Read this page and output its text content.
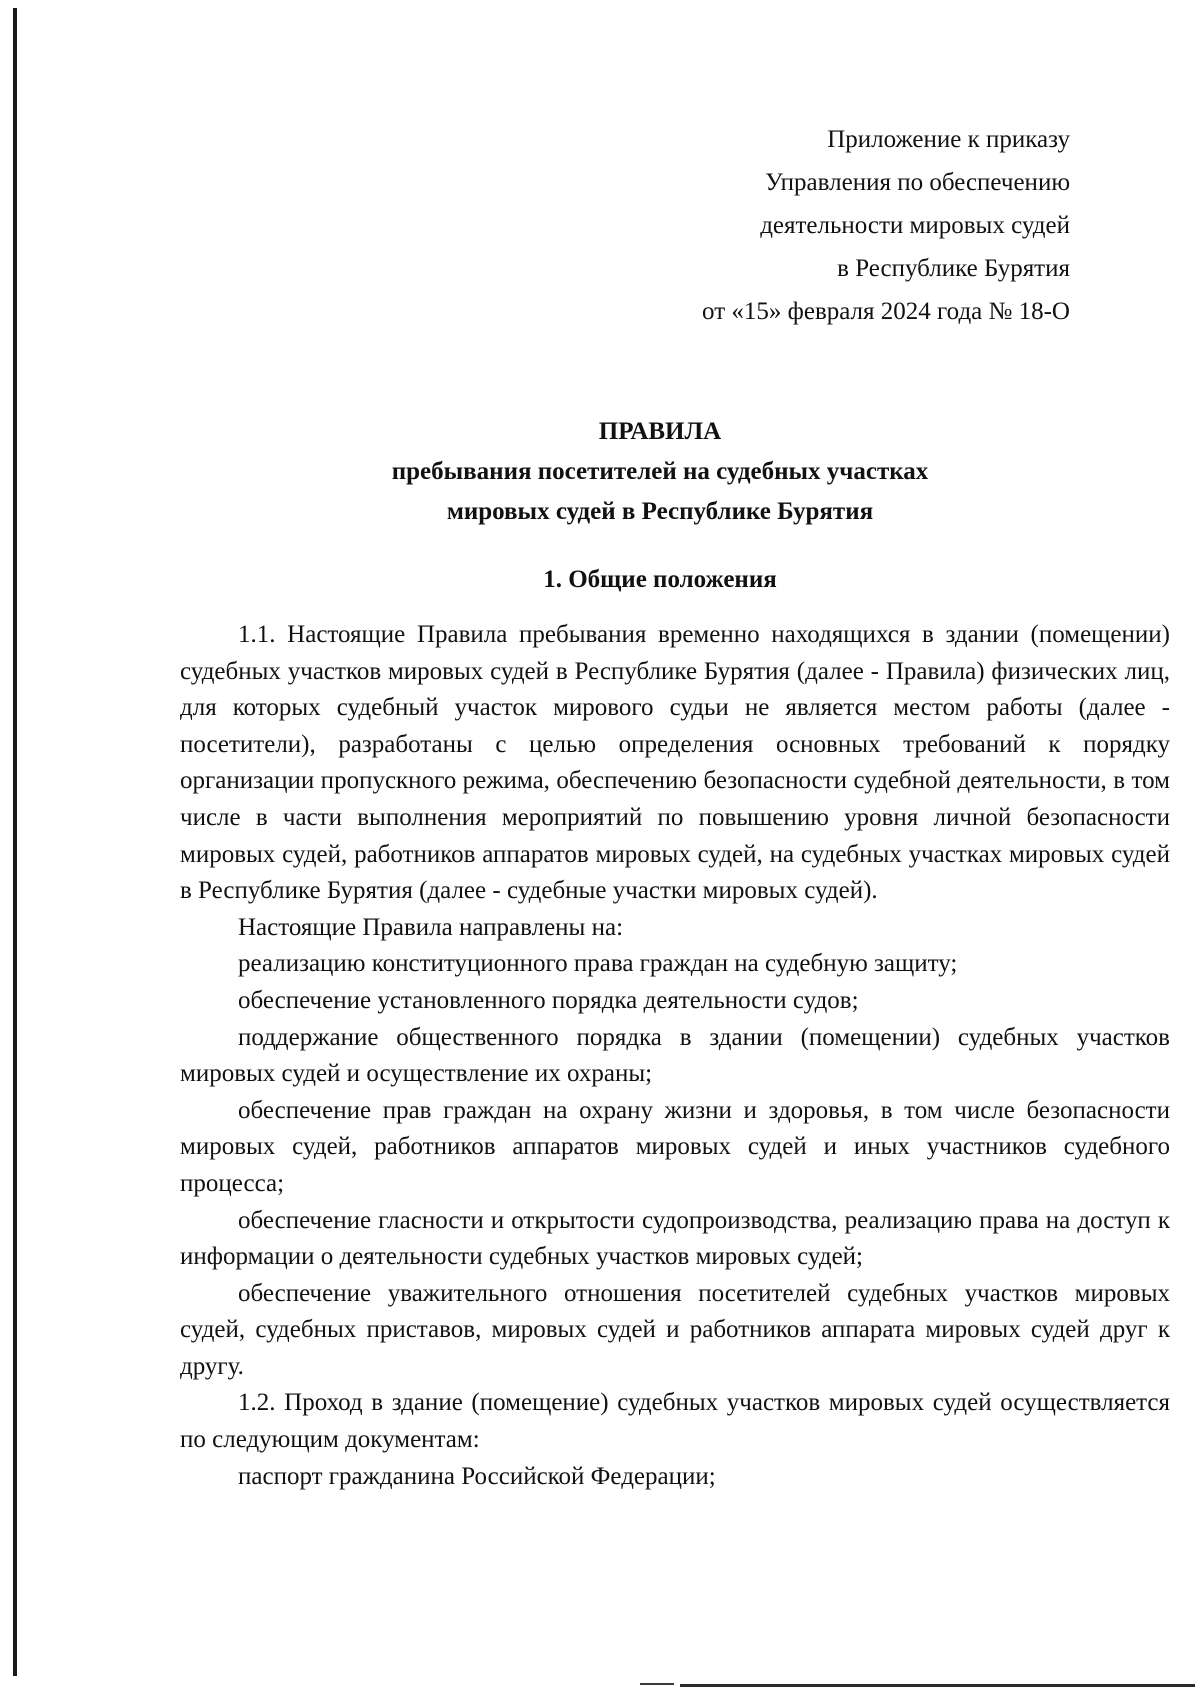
Приложение к приказу
Управления по обеспечению
деятельности мировых судей
в Республике Бурятия
от «15» февраля 2024 года № 18-О
ПРАВИЛА
пребывания посетителей на судебных участках
мировых судей в Республике Бурятия
1. Общие положения

1.1. Настоящие Правила пребывания временно находящихся в здании (помещении) судебных участков мировых судей в Республике Бурятия (далее - Правила) физических лиц, для которых судебный участок мирового судьи не является местом работы (далее - посетители), разработаны с целью определения основных требований к порядку организации пропускного режима, обеспечению безопасности судебной деятельности, в том числе в части выполнения мероприятий по повышению уровня личной безопасности мировых судей, работников аппаратов мировых судей, на судебных участках мировых судей в Республике Бурятия (далее - судебные участки мировых судей).

Настоящие Правила направлены на:

реализацию конституционного права граждан на судебную защиту;

обеспечение установленного порядка деятельности судов;

поддержание общественного порядка в здании (помещении) судебных участков мировых судей и осуществление их охраны;

обеспечение прав граждан на охрану жизни и здоровья, в том числе безопасности мировых судей, работников аппаратов мировых судей и иных участников судебного процесса;

обеспечение гласности и открытости судопроизводства, реализацию права на доступ к информации о деятельности судебных участков мировых судей;

обеспечение уважительного отношения посетителей судебных участков мировых судей, судебных приставов, мировых судей и работников аппарата мировых судей друг к другу.

1.2. Проход в здание (помещение) судебных участков мировых судей осуществляется по следующим документам:

паспорт гражданина Российской Федерации;
